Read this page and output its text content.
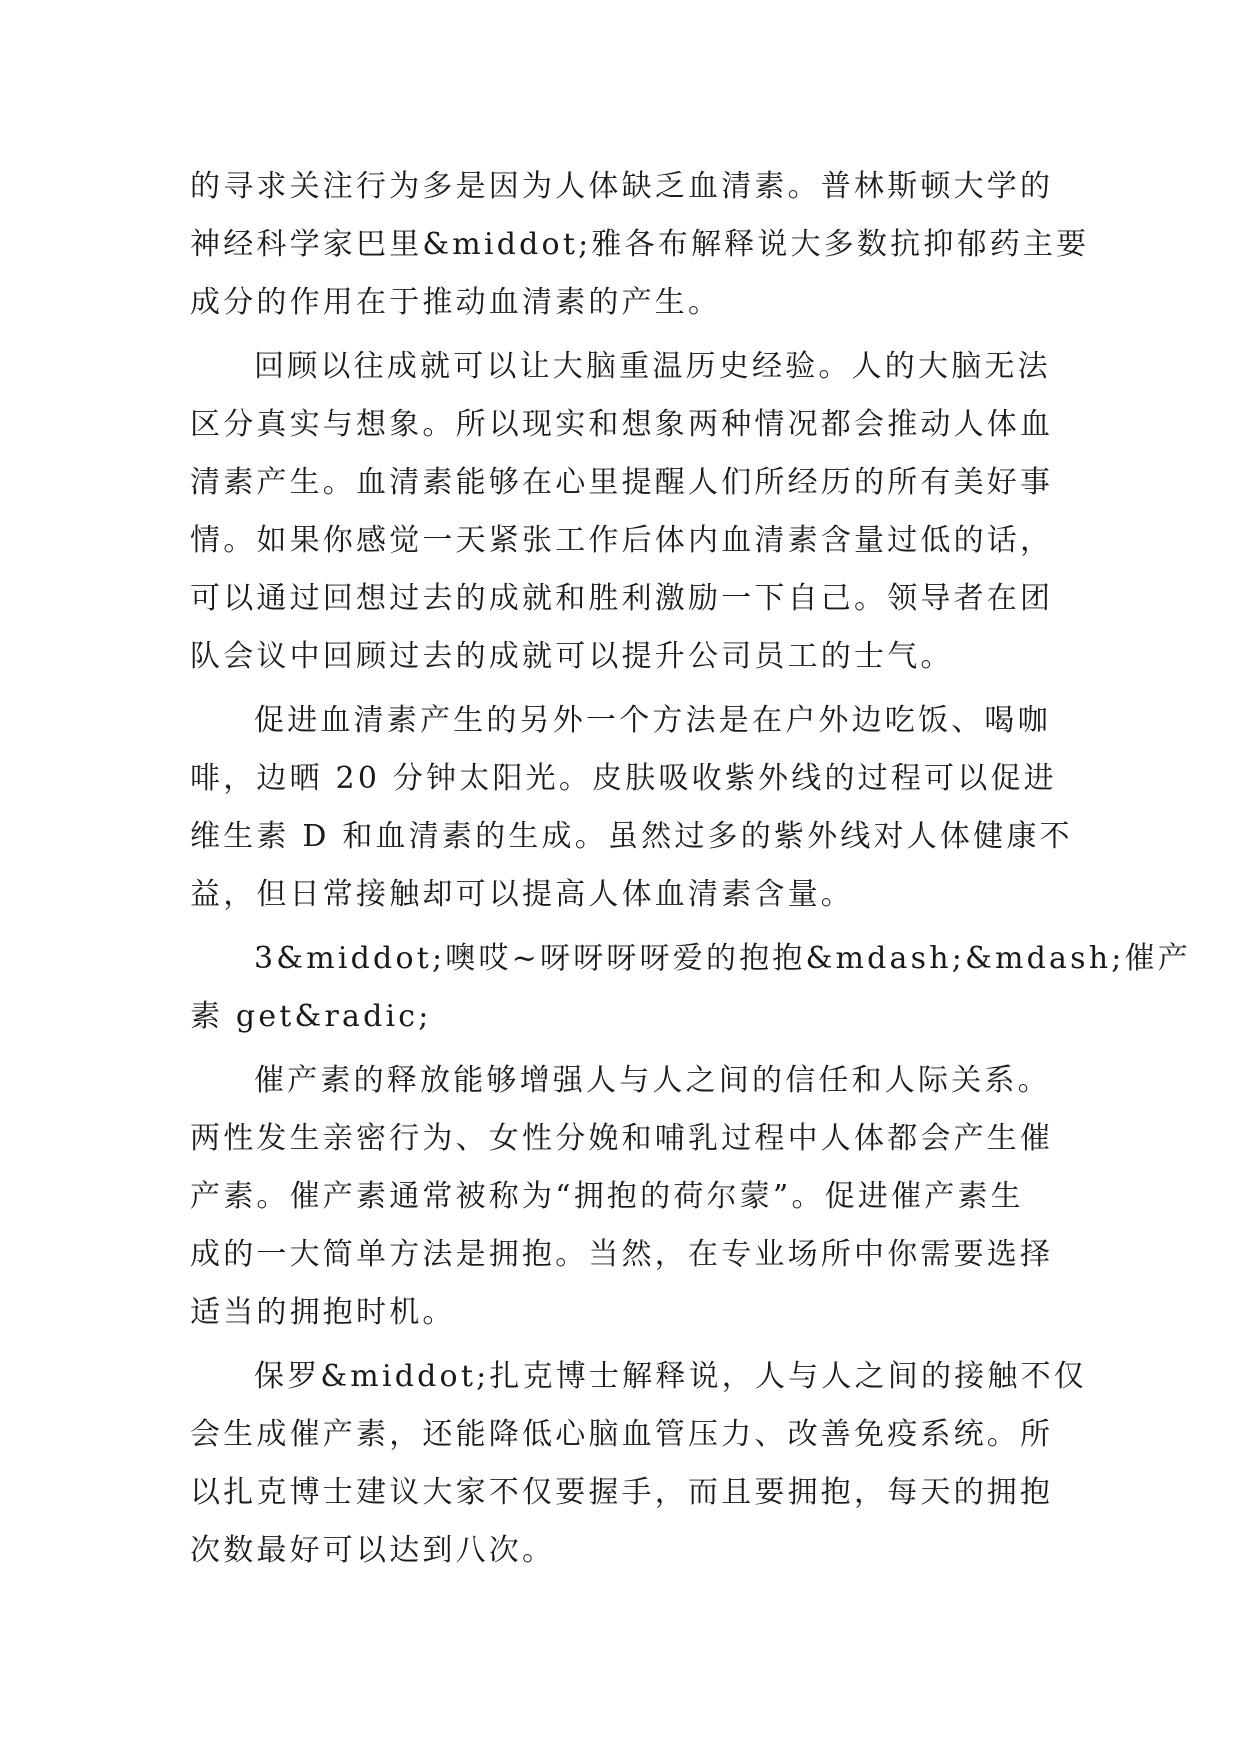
的寻求关注行为多是因为人体缺乏血清素。普林斯顿大学的
神经科学家巴里&middot;雅各布解释说大多数抗抑郁药主要
成分的作用在于推动血清素的产生。
回顾以往成就可以让大脑重温历史经验。人的大脑无法
区分真实与想象。所以现实和想象两种情况都会推动人体血
清素产生。血清素能够在心里提醒人们所经历的所有美好事
情。如果你感觉一天紧张工作后体内血清素含量过低的话，
可以通过回想过去的成就和胜利激励一下自己。领导者在团
队会议中回顾过去的成就可以提升公司员工的士气。
促进血清素产生的另外一个方法是在户外边吃饭、喝咖
啡，边晒 20 分钟太阳光。皮肤吸收紫外线的过程可以促进
维生素 D 和血清素的生成。虽然过多的紫外线对人体健康不
益，但日常接触却可以提高人体血清素含量。
3&middot;噢哎~呀呀呀呀爱的抱抱&mdash;&mdash;催产
素 get&radic;
催产素的释放能够增强人与人之间的信任和人际关系。
两性发生亲密行为、女性分娩和哺乳过程中人体都会产生催
产素。催产素通常被称为“拥抱的荷尔蒙”。促进催产素生
成的一大简单方法是拥抱。当然，在专业场所中你需要选择
适当的拥抱时机。
保罗&middot;扎克博士解释说，人与人之间的接触不仅
会生成催产素，还能降低心脑血管压力、改善免疫系统。所
以扎克博士建议大家不仅要握手，而且要拥抱，每天的拥抱
次数最好可以达到八次。
